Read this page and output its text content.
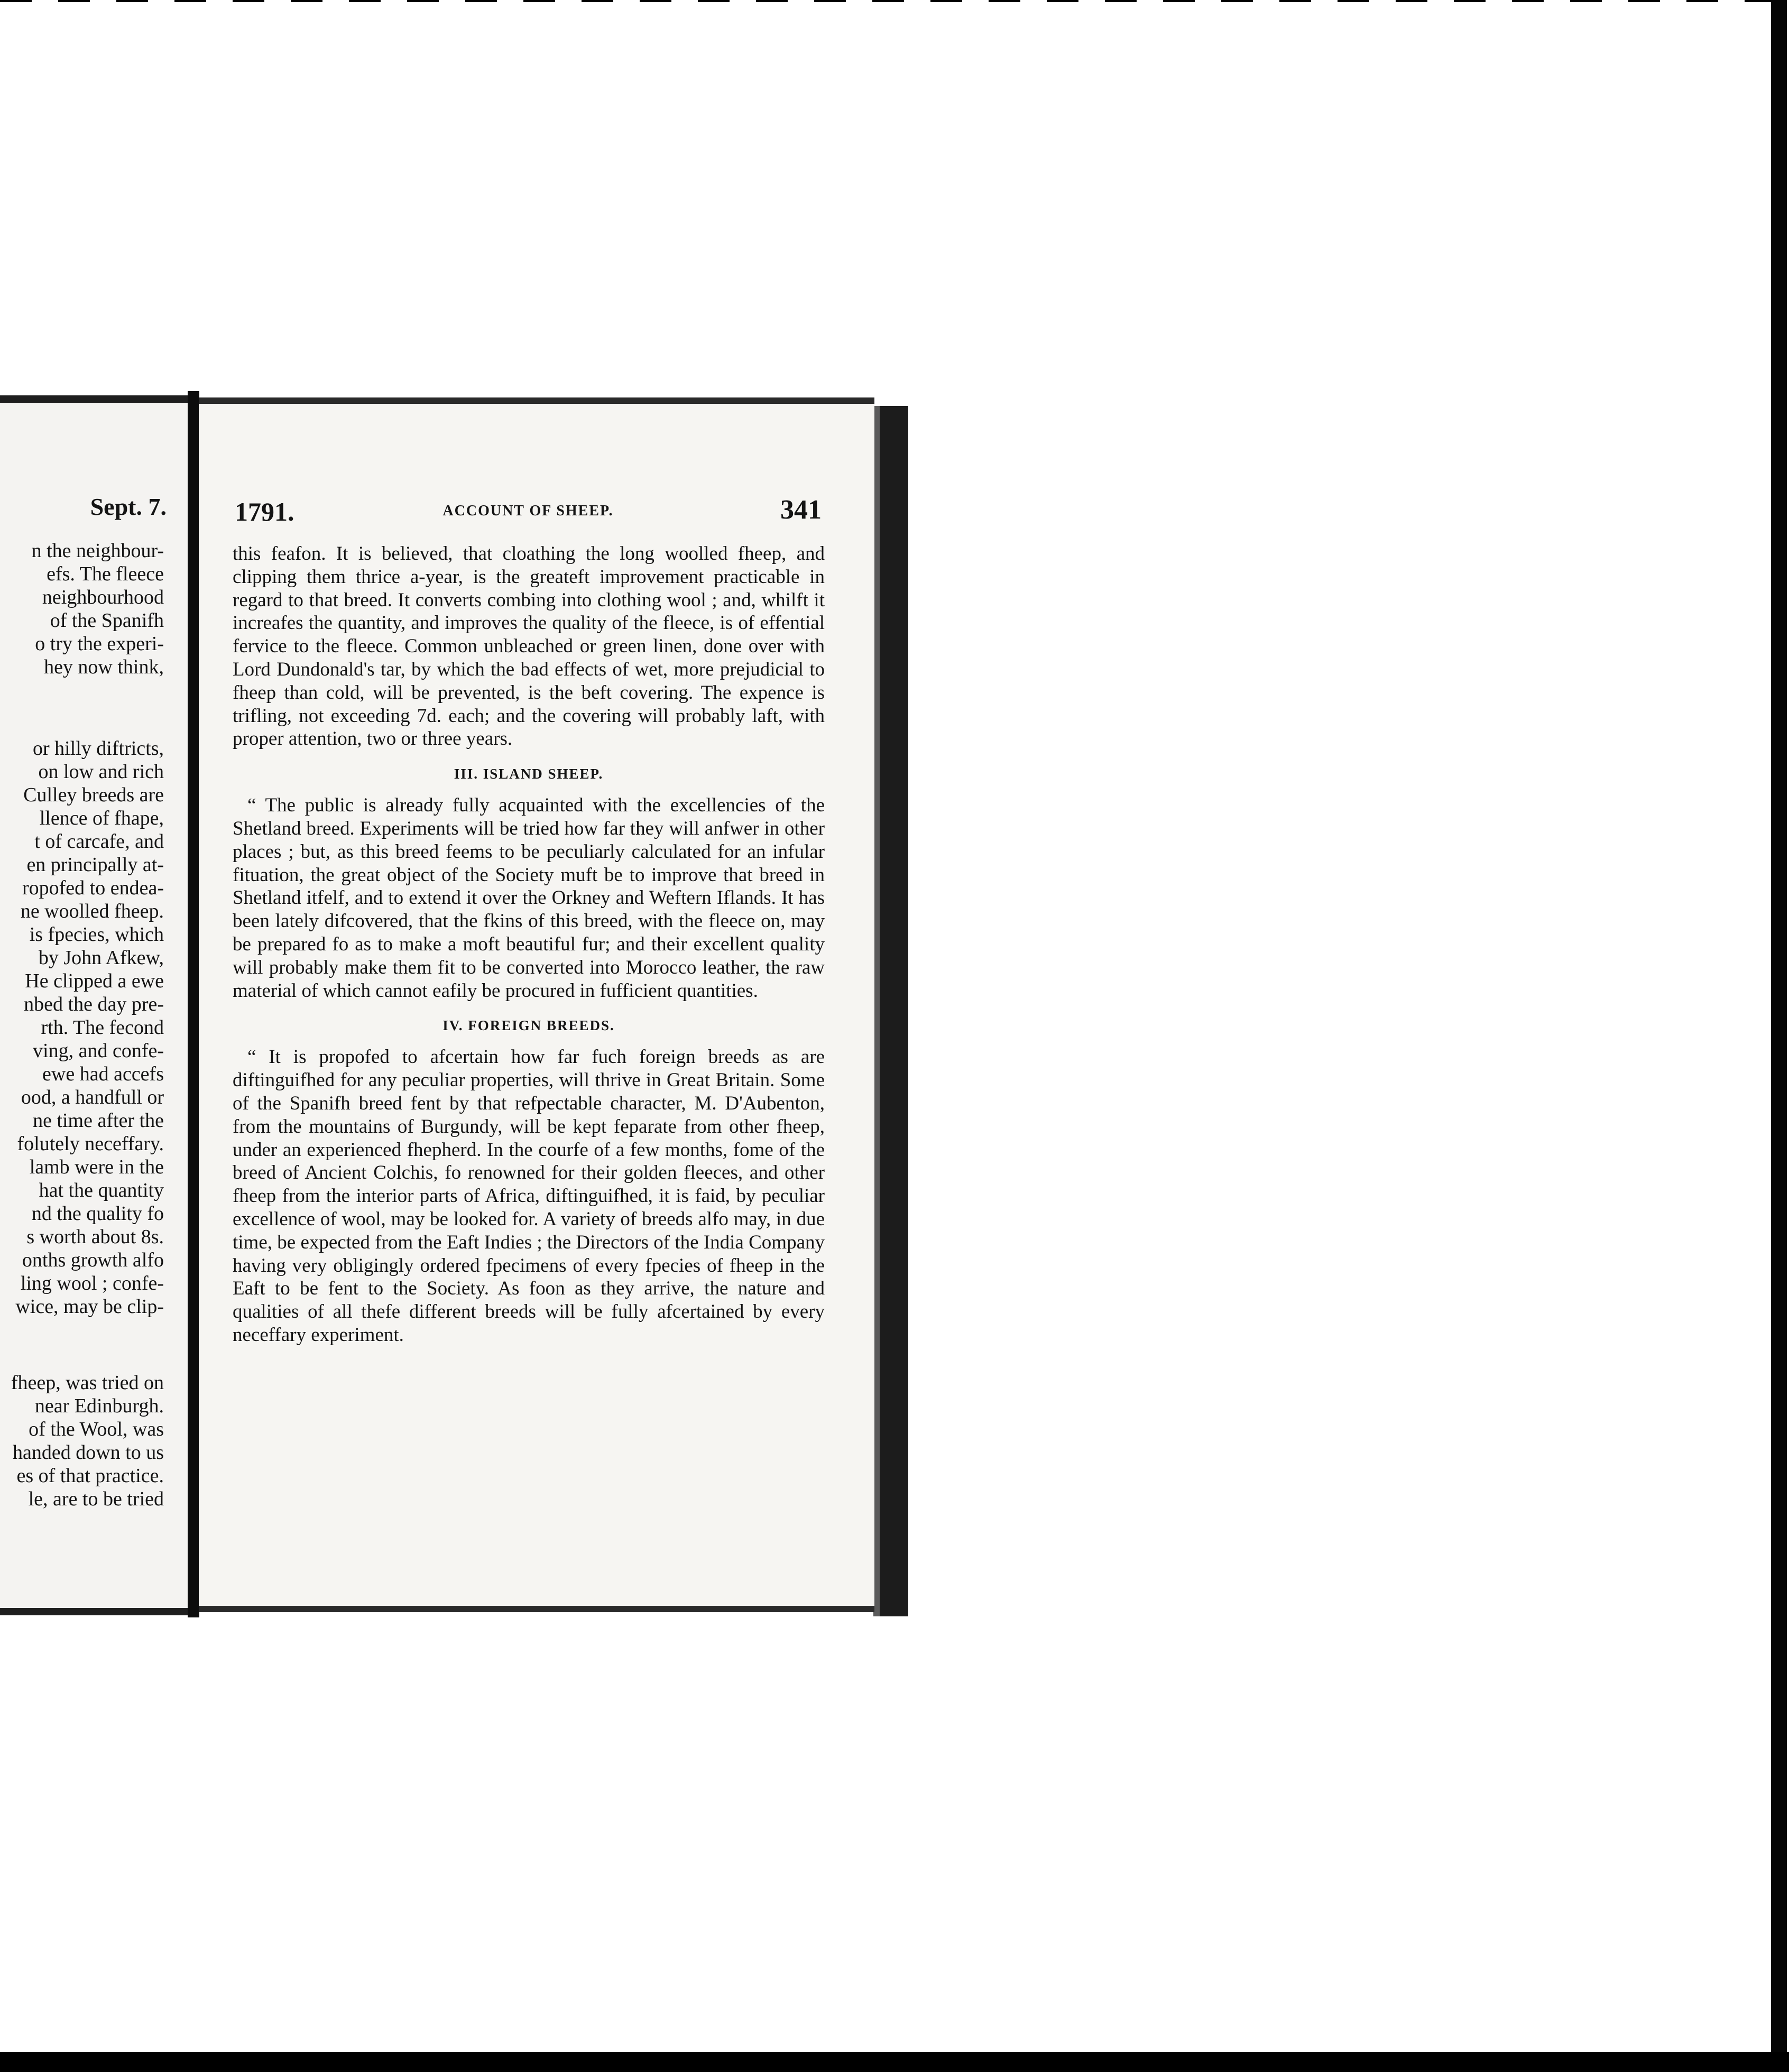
Sept. 7.
n the neighbour-
efs. The fleece
neighbourhood
of the Spanifh
o try the experi-
hey now think,
or hilly diftricts,
on low and rich
Culley breeds are
llence of fhape,
t of carcafe, and
en principally at-
ropofed to endea-
ne woolled fheep.
is fpecies, which
by John Afkew,
He clipped a ewe
nbed the day pre-
rth. The fecond
ving, and confe-
ewe had accefs
ood, a handfull or
ne time after the
folutely neceffary.
lamb were in the
hat the quantity
nd the quality fo
s worth about 8s.
onths growth alfo
ling wool ; confe-
wice, may be clip-
fheep, was tried on
near Edinburgh.
of the Wool, was
handed down to us
es of that practice.
le, are to be tried
1791.	ACCOUNT OF SHEEP.	341

this feafon. It is believed, that cloathing the long woolled fheep, and clipping them thrice a-year, is the greateft improvement practicable in regard to that breed. It converts combing into clothing wool ; and, whilft it increafes the quantity, and improves the quality of the fleece, is of effential fervice to the fleece. Common unbleached or green linen, done over with Lord Dundonald's tar, by which the bad effects of wet, more prejudicial to fheep than cold, will be prevented, is the beft covering. The expence is trifling, not exceeding 7d. each; and the covering will probably laft, with proper attention, two or three years.

III. ISLAND SHEEP.

“ The public is already fully acquainted with the excellencies of the Shetland breed. Experiments will be tried how far they will anfwer in other places ; but, as this breed feems to be peculiarly calculated for an infular fituation, the great object of the Society muft be to improve that breed in Shetland itfelf, and to extend it over the Orkney and Weftern Iflands. It has been lately difcovered, that the fkins of this breed, with the fleece on, may be prepared fo as to make a moft beautiful fur; and their excellent quality will probably make them fit to be converted into Morocco leather, the raw material of which cannot eafily be procured in fufficient quantities.

IV. FOREIGN BREEDS.

“ It is propofed to afcertain how far fuch foreign breeds as are diftinguifhed for any peculiar properties, will thrive in Great Britain. Some of the Spanifh breed fent by that refpectable character, M. D'Aubenton, from the mountains of Burgundy, will be kept feparate from other fheep, under an experienced fhepherd. In the courfe of a few months, fome of the breed of Ancient Colchis, fo renowned for their golden fleeces, and other fheep from the interior parts of Africa, diftinguifhed, it is faid, by peculiar excellence of wool, may be looked for. A variety of breeds alfo may, in due time, be expected from the Eaft Indies ; the Directors of the India Company having very obligingly ordered fpecimens of every fpecies of fheep in the Eaft to be fent to the Society. As foon as they arrive, the nature and qualities of all thefe different breeds will be fully afcertained by every neceffary experiment.
